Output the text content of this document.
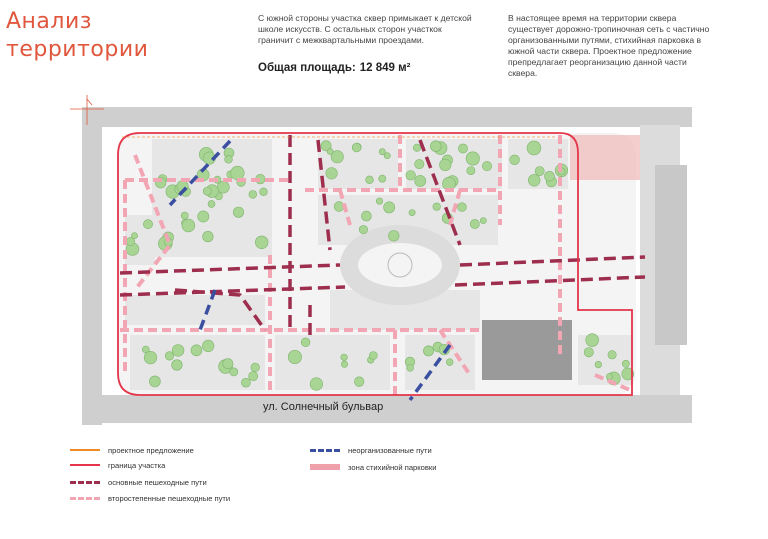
Анализ
территории
С южной стороны участка сквер примыкает к детской школе искусств. С остальных сторон участкок граничит с межквартальными проездами.
Общая площадь: 12 849 м²
В настоящее время на территории сквера существует дорожно-тропиночная сеть с частично организованными путями, стихийная парковка в южной части сквера. Проектное предложение препредлагает реорганизацию данной части сквера.
ул. Солнечный бульвар
проектное предложение
граница участка
основные пешеходные пути
второстепенные пешеходные пути
неорганизованные пути
зона стихийной парковки
